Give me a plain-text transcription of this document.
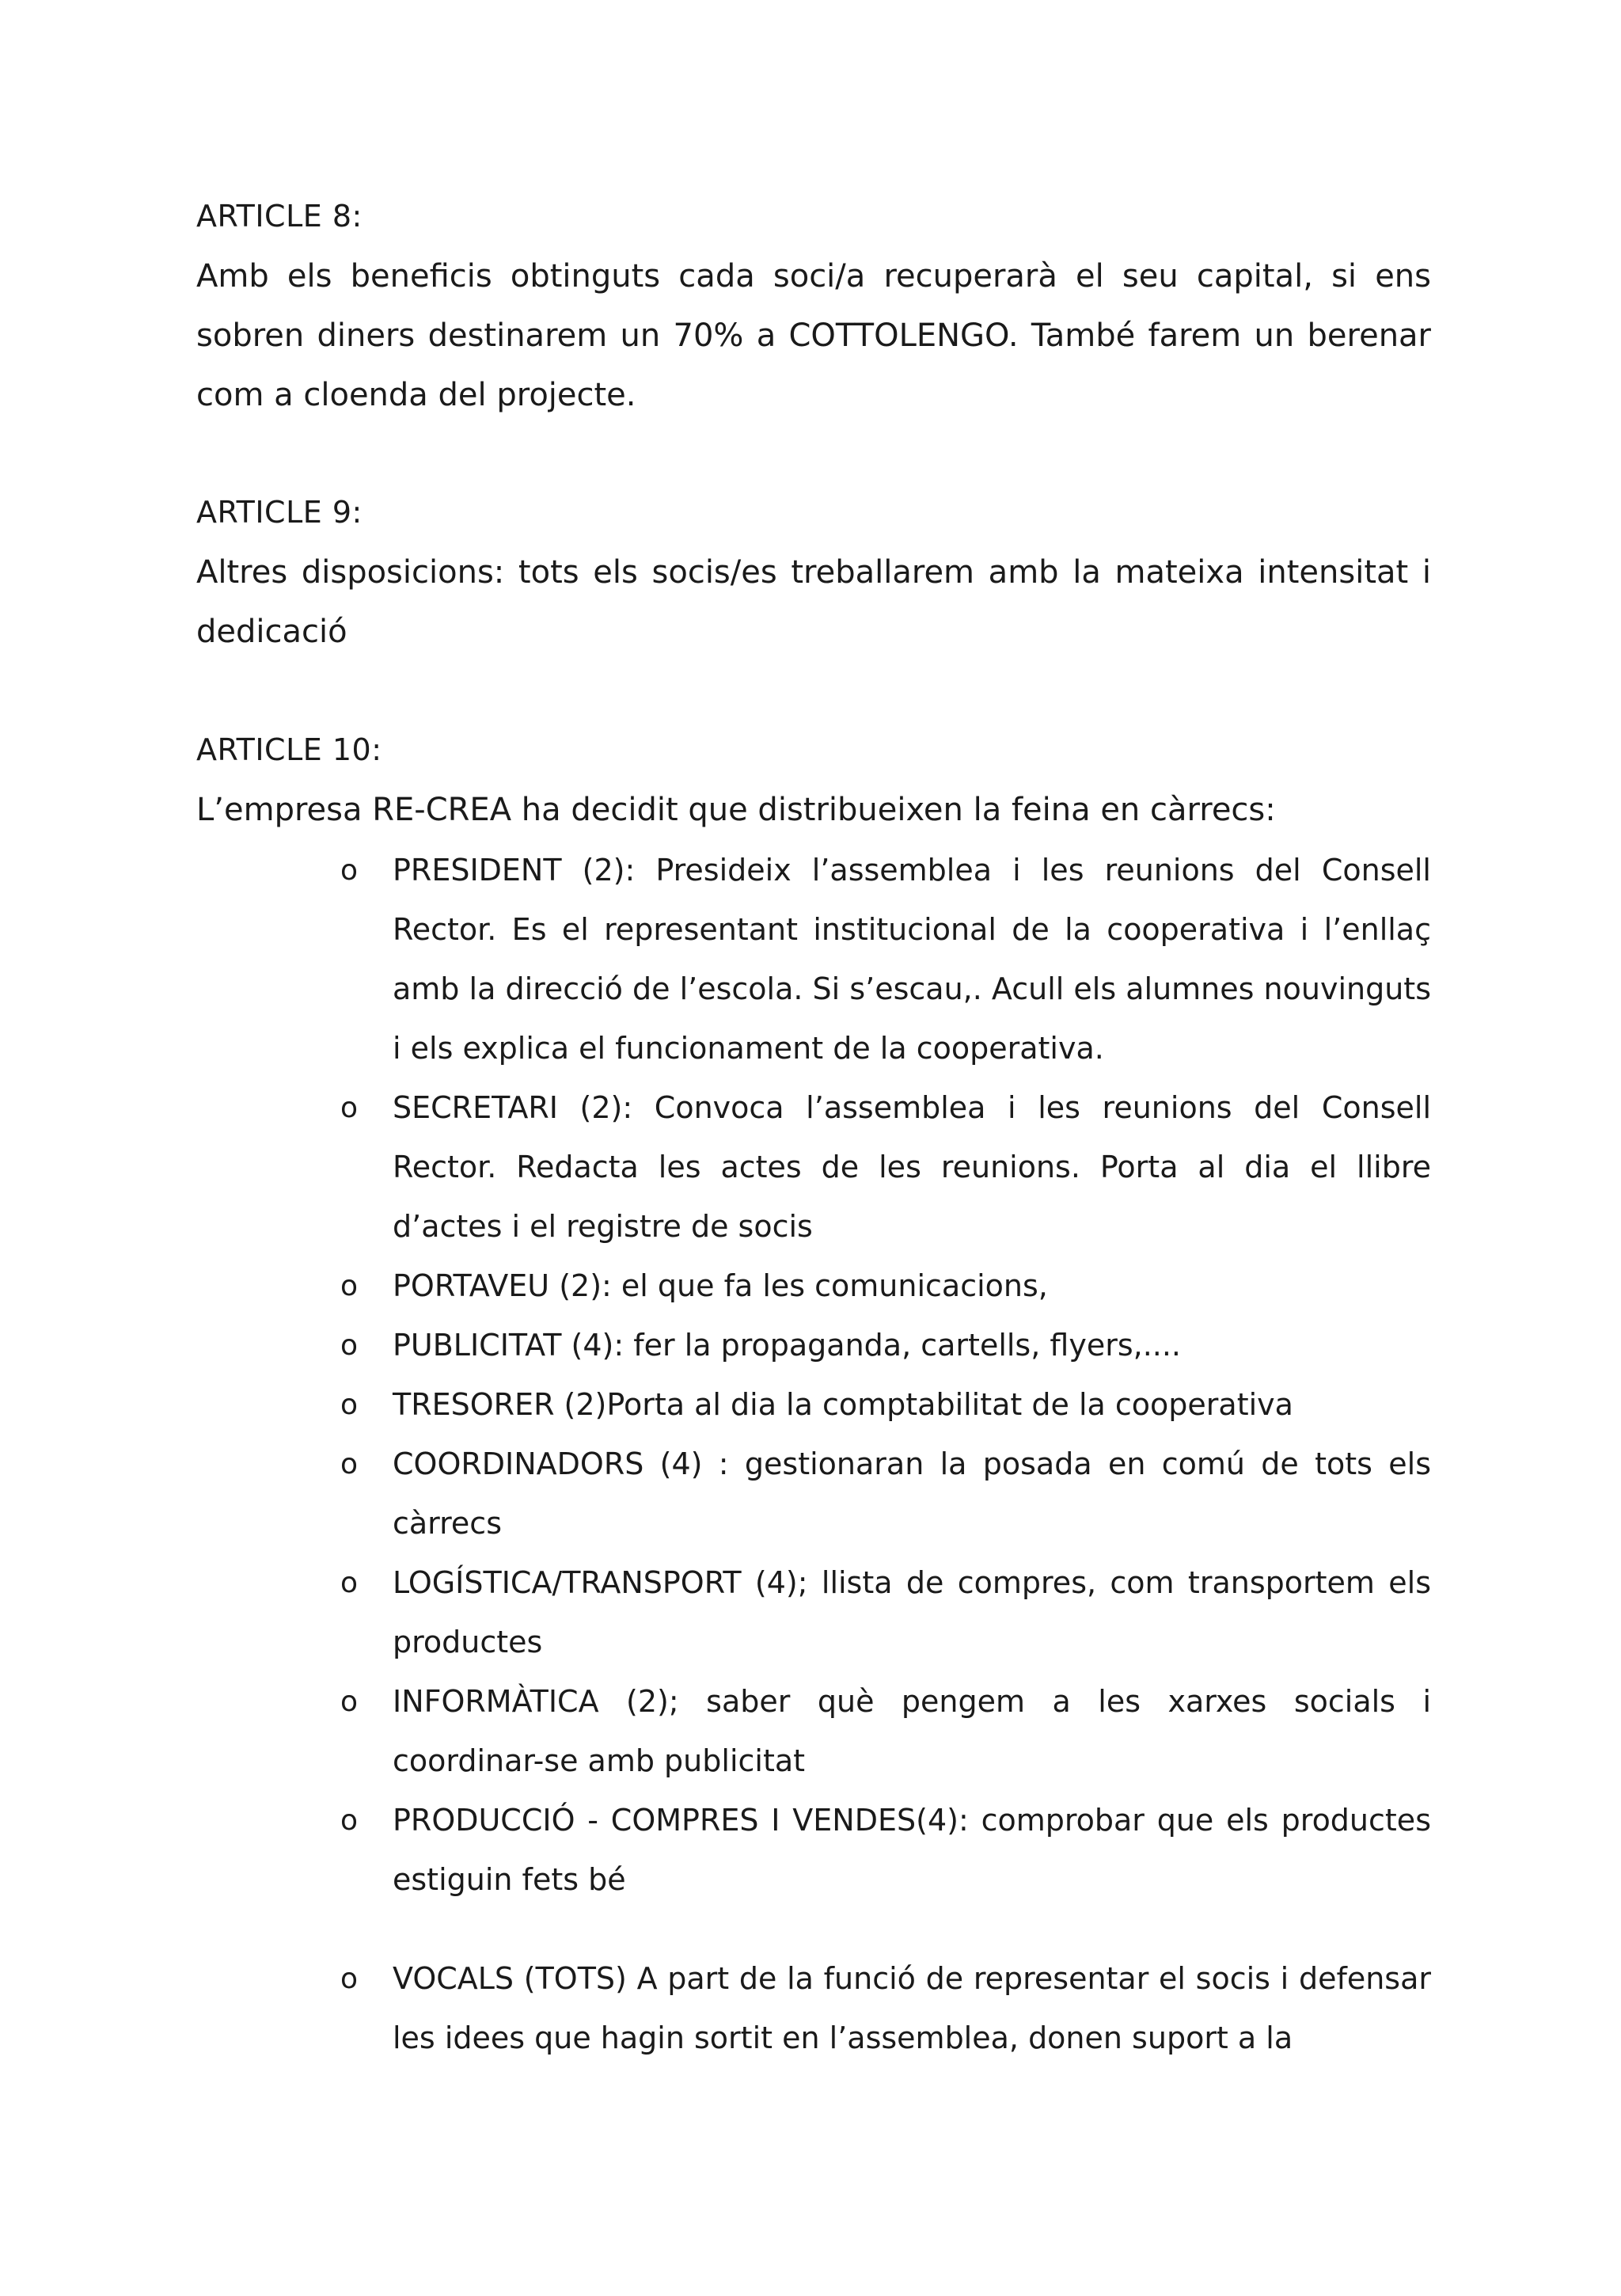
ARTICLE 8:
Amb els beneficis obtinguts cada soci/a recuperarà el seu capital, si ens sobren diners destinarem un 70% a COTTOLENGO. També farem un berenar com a cloenda del projecte.
ARTICLE 9:
Altres disposicions: tots els socis/es treballarem amb la mateixa intensitat i dedicació
ARTICLE 10:
L’empresa RE-CREA ha decidit que distribueixen la feina en càrrecs:
o PRESIDENT (2): Presideix l’assemblea i les reunions del Consell Rector. Es el representant institucional de la cooperativa i l’enllaç amb la direcció de l’escola. Si s’escau,. Acull els alumnes nouvinguts i els explica el funcionament de la cooperativa.
o SECRETARI (2): Convoca l’assemblea i les reunions del Consell Rector. Redacta les actes de les reunions. Porta al dia el llibre d’actes i el registre de socis
o PORTAVEU (2): el que fa les comunicacions,
o PUBLICITAT (4): fer la propaganda, cartells, flyers,....
o TRESORER (2)Porta al dia la comptabilitat de la cooperativa
o COORDINADORS (4) : gestionaran la posada en comú de tots els càrrecs
o LOGÍSTICA/TRANSPORT (4); llista de compres, com transportem els productes
o INFORMÀTICA (2); saber què pengem a les xarxes socials i coordinar-se amb publicitat
o PRODUCCIÓ - COMPRES I VENDES(4): comprobar que els productes estiguin fets bé
o VOCALS (TOTS) A part de la funció de representar el socis i defensar les idees que hagin sortit en l’assemblea, donen suport a la
